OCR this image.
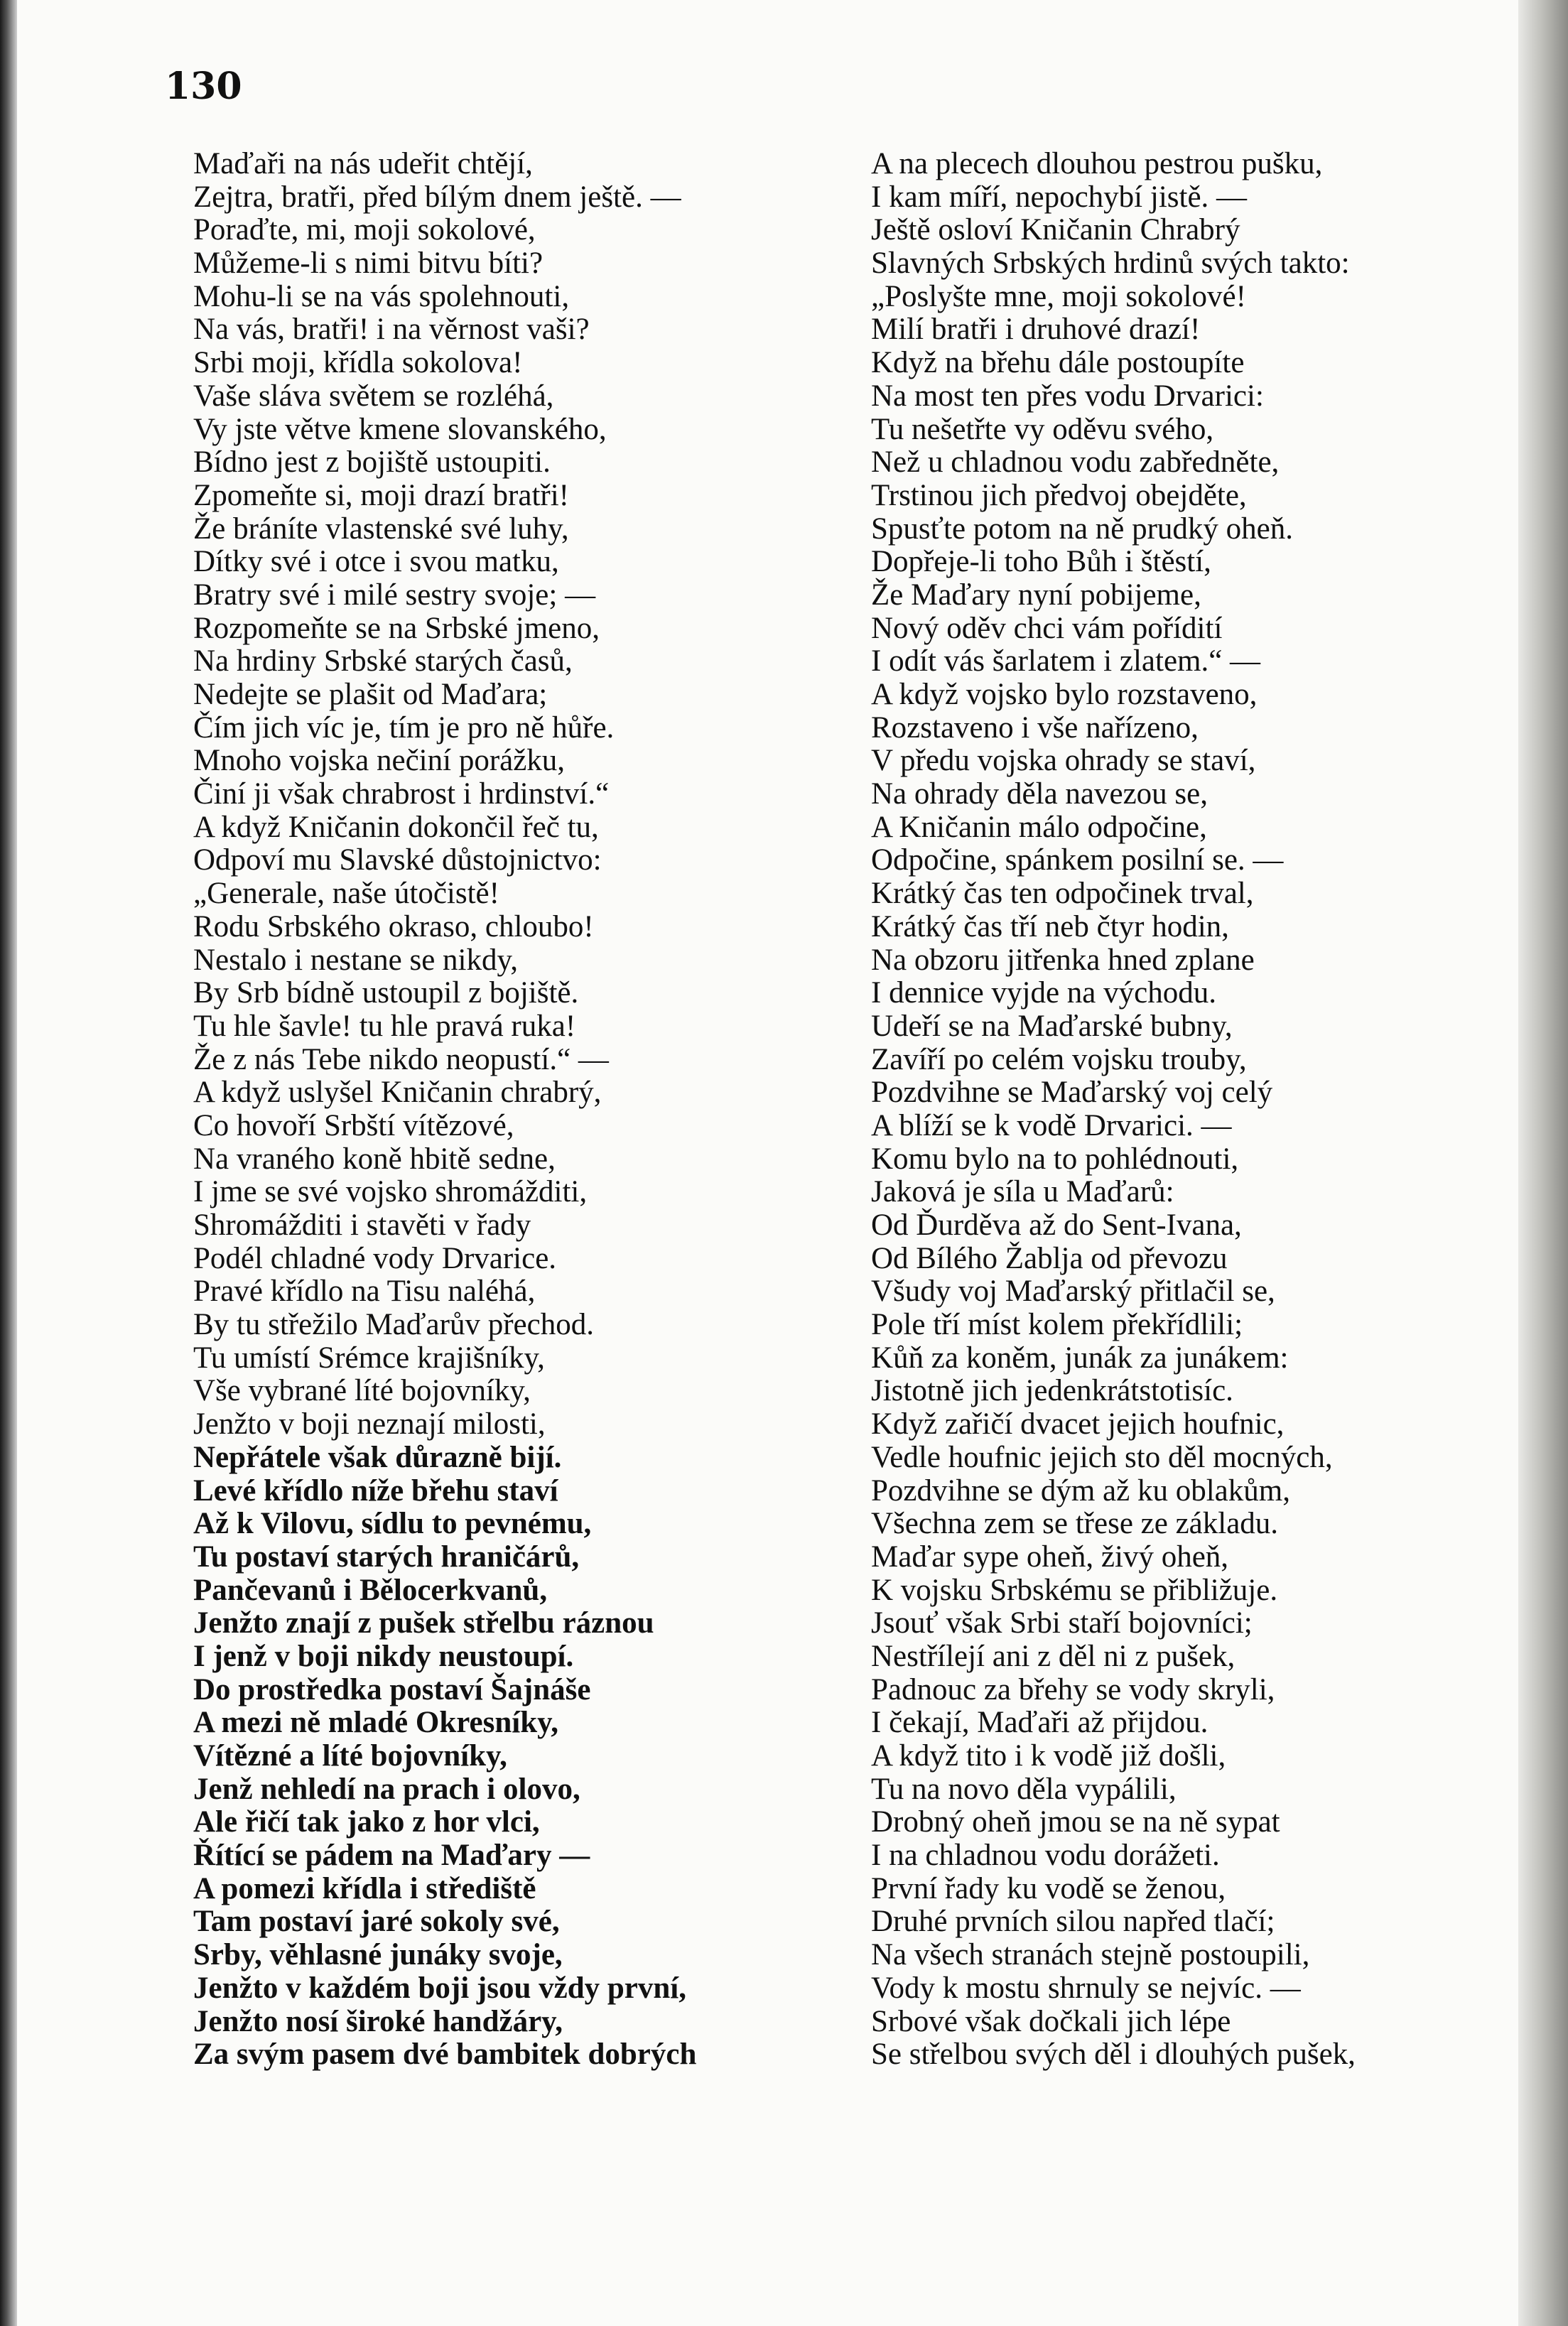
130
Maďaři na nás udeřit chtějí,
Zejtra, bratři, před bílým dnem ještě. —
Poraďte, mi, moji sokolové,
Můžeme-li s nimi bitvu bíti?
Mohu-li se na vás spolehnouti,
Na vás, bratři! i na věrnost vaši?
Srbi moji, křídla sokolova!
Vaše sláva světem se rozléhá,
Vy jste větve kmene slovanského,
Bídno jest z bojiště ustoupiti.
Zpomeňte si, moji drazí bratři!
Že bráníte vlastenské své luhy,
Dítky své i otce i svou matku,
Bratry své i milé sestry svoje; —
Rozpomeňte se na Srbské jmeno,
Na hrdiny Srbské starých časů,
Nedejte se plašit od Maďara;
Čím jich víc je, tím je pro ně hůře.
Mnoho vojska nečiní porážku,
Činí ji však chrabrost i hrdinství.“
A když Kničanin dokončil řeč tu,
Odpoví mu Slavské důstojnictvo:
„Generale, naše útočistě!
Rodu Srbského okraso, chloubo!
Nestalo i nestane se nikdy,
By Srb bídně ustoupil z bojiště.
Tu hle šavle! tu hle pravá ruka!
Že z nás Tebe nikdo neopustí.“ —
A když uslyšel Kničanin chrabrý,
Co hovoří Srbští vítězové,
Na vraného koně hbitě sedne,
I jme se své vojsko shromážditi,
Shromážditi i stavěti v řady
Podél chladné vody Drvarice.
Pravé křídlo na Tisu naléhá,
By tu střežilo Maďarův přechod.
Tu umístí Srémce krajišníky,
Vše vybrané líté bojovníky,
Jenžto v boji neznají milosti,
Nepřátele však důrazně bijí.
Levé křídlo níže břehu staví
Až k Vilovu, sídlu to pevnému,
Tu postaví starých hraničárů,
Pančevanů i Bělocerkvanů,
Jenžto znají z pušek střelbu ráznou
I jenž v boji nikdy neustoupí.
Do prostředka postaví Šajnáše
A mezi ně mladé Okresníky,
Vítězné a líté bojovníky,
Jenž nehledí na prach i olovo,
Ale řičí tak jako z hor vlci,
Řítící se pádem na Maďary —
A pomezi křídla i střediště
Tam postaví jaré sokoly své,
Srby, věhlasné junáky svoje,
Jenžto v každém boji jsou vždy první,
Jenžto nosí široké handžáry,
Za svým pasem dvé bambitek dobrých
A na plecech dlouhou pestrou pušku,
I kam míří, nepochybí jistě. —
Ještě osloví Kničanin Chrabrý
Slavných Srbských hrdinů svých takto:
„Poslyšte mne, moji sokolové!
Milí bratři i druhové drazí!
Když na břehu dále postoupíte
Na most ten přes vodu Drvarici:
Tu nešetřte vy oděvu svého,
Než u chladnou vodu zabředněte,
Trstinou jich předvoj obejděte,
Spusťte potom na ně prudký oheň.
Dopřeje-li toho Bůh i štěstí,
Že Maďary nyní pobijeme,
Nový oděv chci vám pořídití
I odít vás šarlatem i zlatem.“ —
A když vojsko bylo rozstaveno,
Rozstaveno i vše nařízeno,
V předu vojska ohrady se staví,
Na ohrady děla navezou se,
A Kničanin málo odpočine,
Odpočine, spánkem posilní se. —
Krátký čas ten odpočinek trval,
Krátký čas tří neb čtyr hodin,
Na obzoru jitřenka hned zplane
I dennice vyjde na východu.
Udeří se na Maďarské bubny,
Zavíří po celém vojsku trouby,
Pozdvihne se Maďarský voj celý
A blíží se k vodě Drvarici. —
Komu bylo na to pohlédnouti,
Jaková je síla u Maďarů:
Od Ďurděva až do Sent-Ivana,
Od Bílého Žablja od převozu
Všudy voj Maďarský přitlačil se,
Pole tří míst kolem překřídlili;
Kůň za koněm, junák za junákem:
Jistotně jich jedenkrátstotisíc.
Když zařičí dvacet jejich houfnic,
Vedle houfnic jejich sto děl mocných,
Pozdvihne se dým až ku oblakům,
Všechna zem se třese ze základu.
Maďar sype oheň, živý oheň,
K vojsku Srbskému se přibližuje.
Jsouť však Srbi staří bojovníci;
Nestřílejí ani z děl ni z pušek,
Padnouc za břehy se vody skryli,
I čekají, Maďaři až přijdou.
A když tito i k vodě již došli,
Tu na novo děla vypálili,
Drobný oheň jmou se na ně sypat
I na chladnou vodu dorážeti.
První řady ku vodě se ženou,
Druhé prvních silou napřed tlačí;
Na všech stranách stejně postoupili,
Vody k mostu shrnuly se nejvíc. —
Srbové však dočkali jich lépe
Se střelbou svých děl i dlouhých pušek,
